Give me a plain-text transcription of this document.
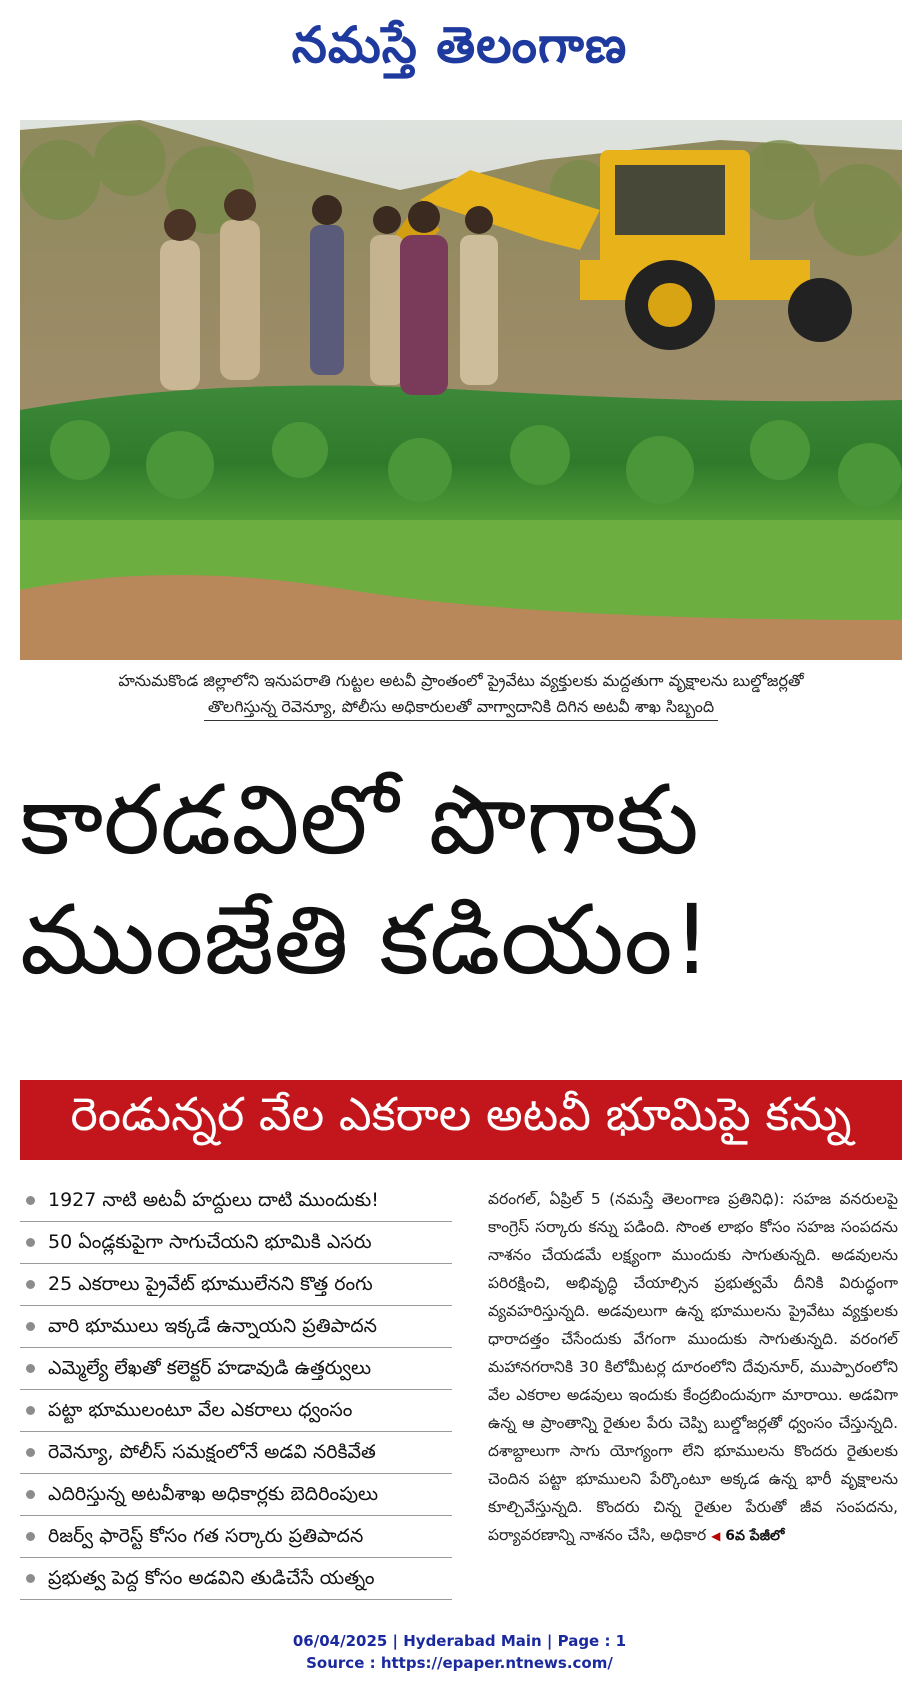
నమస్తే తెలంగాణ
హనుమకొండ జిల్లాలోని ఇనుపరాతి గుట్టల అటవీ ప్రాంతంలో ప్రైవేటు వ్యక్తులకు మద్దతుగా వృక్షాలను బుల్డోజర్లతో
తొలగిస్తున్న రెవెన్యూ, పోలీసు అధికారులతో వాగ్వాదానికి దిగిన అటవీ శాఖ సిబ్బంది
కారడవిలో పొగాకు
ముంజేతి కడియం!
రెండున్నర వేల ఎకరాల అటవీ భూమిపై కన్ను
1927 నాటి అటవీ హద్దులు దాటి ముందుకు!
50 ఏండ్లకుపైగా సాగుచేయని భూమికి ఎసరు
25 ఎకరాలు ప్రైవేట్ భూములేనని కొత్త రంగు
వారి భూములు ఇక్కడే ఉన్నాయని ప్రతిపాదన
ఎమ్మెల్యే లేఖతో కలెక్టర్ హడావుడి ఉత్తర్వులు
పట్టా భూములంటూ వేల ఎకరాలు ధ్వంసం
రెవెన్యూ, పోలీస్ సమక్షంలోనే అడవి నరికివేత
ఎదిరిస్తున్న అటవీశాఖ అధికార్లకు బెదిరింపులు
రిజర్వ్ ఫారెస్ట్ కోసం గత సర్కారు ప్రతిపాదన
ప్రభుత్వ పెద్ద కోసం అడవిని తుడిచేసే యత్నం
వరంగల్, ఏప్రిల్ 5 (నమస్తే తెలంగాణ ప్రతినిధి): సహజ వనరులపై కాంగ్రెస్ సర్కారు కన్ను పడింది. సొంత లాభం కోసం సహజ సంపదను నాశనం చేయడమే లక్ష్యంగా ముందుకు సాగుతున్నది. అడవులను పరిరక్షించి, అభివృద్ధి చేయాల్సిన ప్రభుత్వమే దీనికి విరుద్ధంగా వ్యవహరిస్తున్నది. అడవులుగా ఉన్న భూములను ప్రైవేటు వ్యక్తులకు ధారాదత్తం చేసేందుకు వేగంగా ముందుకు సాగుతున్నది. వరంగల్ మహానగరానికి 30 కిలోమీటర్ల దూరంలోని దేవునూర్, ముప్పారంలోని వేల ఎకరాల అడవులు ఇందుకు కేంద్రబిందువుగా మారాయి. అడవిగా ఉన్న ఆ ప్రాంతాన్ని రైతుల పేరు చెప్పి బుల్డోజర్లతో ధ్వంసం చేస్తున్నది. దశాబ్దాలుగా సాగు యోగ్యంగా లేని భూములను కొందరు రైతులకు చెందిన పట్టా భూములని పేర్కొంటూ అక్కడ ఉన్న భారీ వృక్షాలను కూల్చివేస్తున్నది. కొందరు చిన్న రైతుల పేరుతో జీవ సంపదను, పర్యావరణాన్ని నాశనం చేసి, అధికార ◀ 6వ పేజీలో
06/04/2025 | Hyderabad Main | Page : 1
Source : https://epaper.ntnews.com/
